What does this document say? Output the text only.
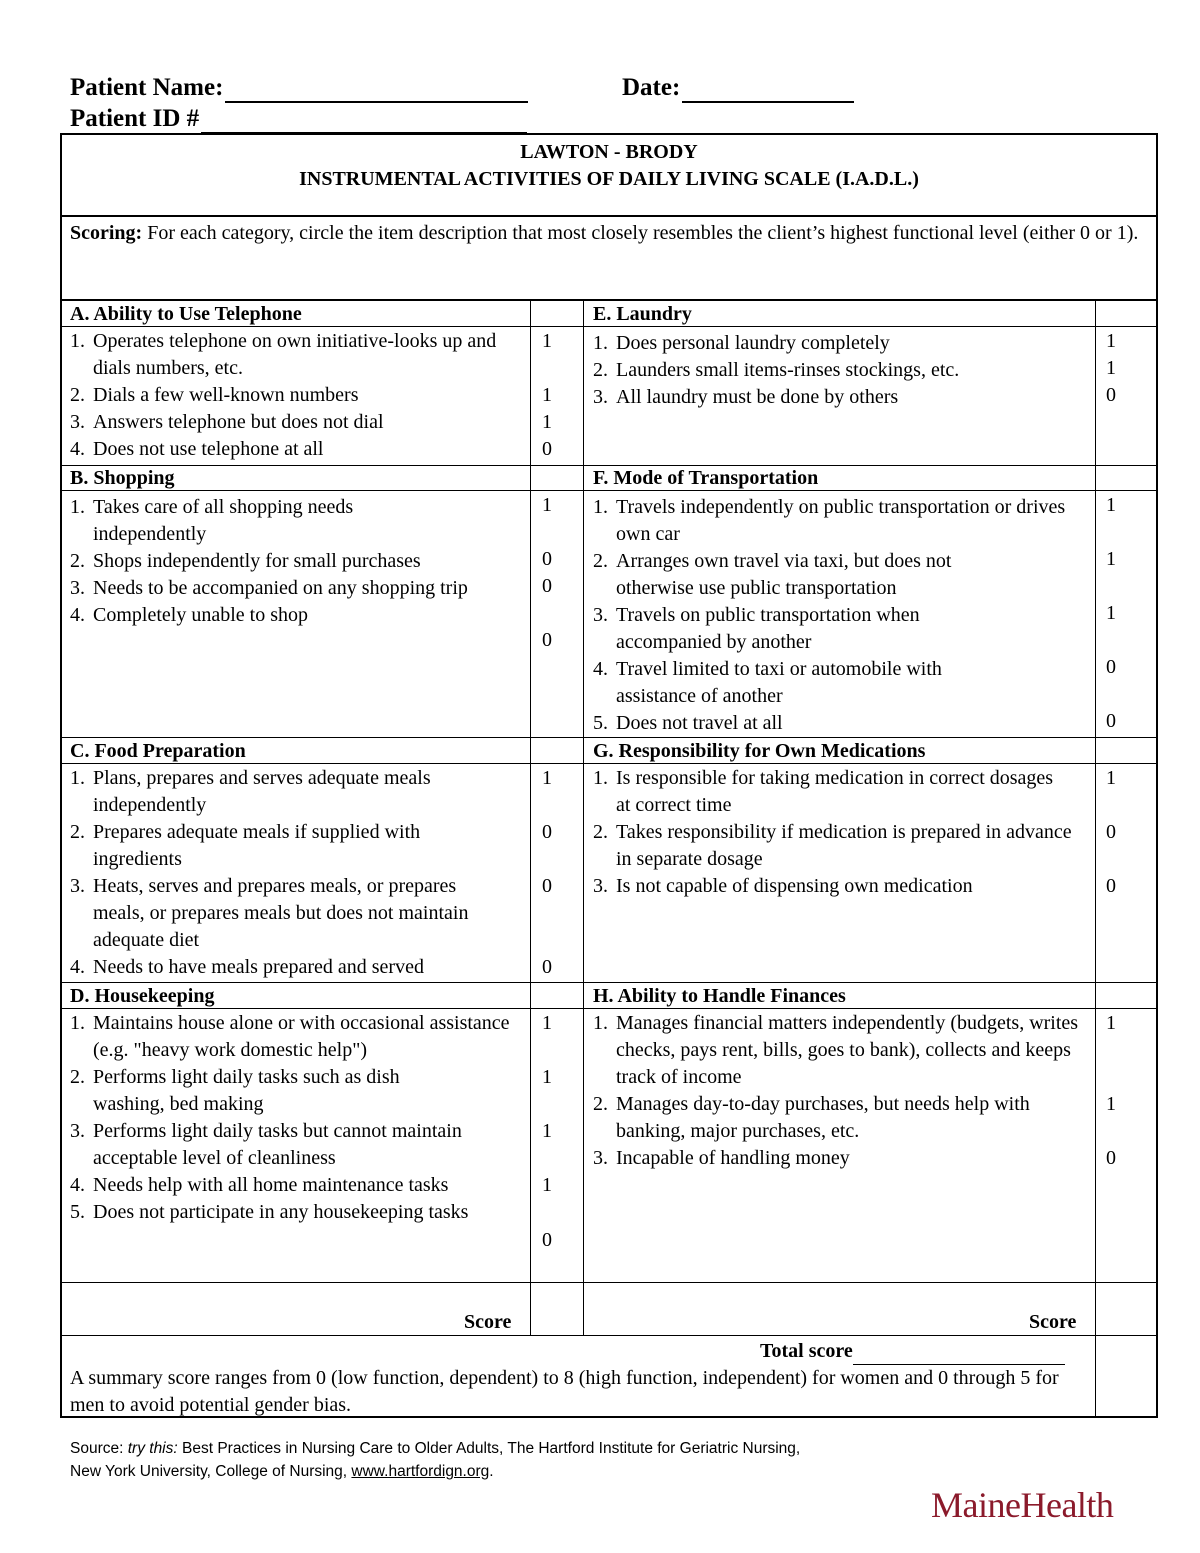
Patient Name:	Date:
Patient ID #
LAWTON - BRODY
INSTRUMENTAL ACTIVITIES OF DAILY LIVING SCALE (I.A.D.L.)
Scoring: For each category, circle the item description that most closely resembles the client’s highest functional level (either 0 or 1).
A. Ability to Use Telephone
1. Operates telephone on own initiative-looks up and dials numbers, etc.
2. Dials a few well-known numbers
3. Answers telephone but does not dial
4. Does not use telephone at all
1
1
1
0
E. Laundry
1. Does personal laundry completely
2. Launders small items-rinses stockings, etc.
3. All laundry must be done by others
1
1
0
B. Shopping
1. Takes care of all shopping needs independently
2. Shops independently for small purchases
3. Needs to be accompanied on any shopping trip
4. Completely unable to shop
1
0
0
0
F. Mode of Transportation
1. Travels independently on public transportation or drives own car
2. Arranges own travel via taxi, but does not otherwise use public transportation
3. Travels on public transportation when accompanied by another
4. Travel limited to taxi or automobile with assistance of another
5. Does not travel at all
1
1
1
0
0
C. Food Preparation
1. Plans, prepares and serves adequate meals independently
2. Prepares adequate meals if supplied with ingredients
3. Heats, serves and prepares meals, or prepares meals, or prepares meals but does not maintain adequate diet
4. Needs to have meals prepared and served
1
0
0
0
G. Responsibility for Own Medications
1. Is responsible for taking medication in correct dosages at correct time
2. Takes responsibility if medication is prepared in advance in separate dosage
3. Is not capable of dispensing own medication
1
0
0
D. Housekeeping
1. Maintains house alone or with occasional assistance (e.g. "heavy work domestic help")
2. Performs light daily tasks such as dish washing, bed making
3. Performs light daily tasks but cannot maintain acceptable level of cleanliness
4. Needs help with all home maintenance tasks
5. Does not participate in any housekeeping tasks
1
1
1
1
0
H. Ability to Handle Finances
1. Manages financial matters independently (budgets, writes checks, pays rent, bills, goes to bank), collects and keeps track of income
2. Manages day-to-day purchases, but needs help with banking, major purchases, etc.
3. Incapable of handling money
1
1
0
Score	Score
Total score
A summary score ranges from 0 (low function, dependent) to 8 (high function, independent) for women and 0 through 5 for men to avoid potential gender bias.
Source: try this: Best Practices in Nursing Care to Older Adults, The Hartford Institute for Geriatric Nursing,
New York University, College of Nursing, www.hartfordign.org.
MaineHealth
